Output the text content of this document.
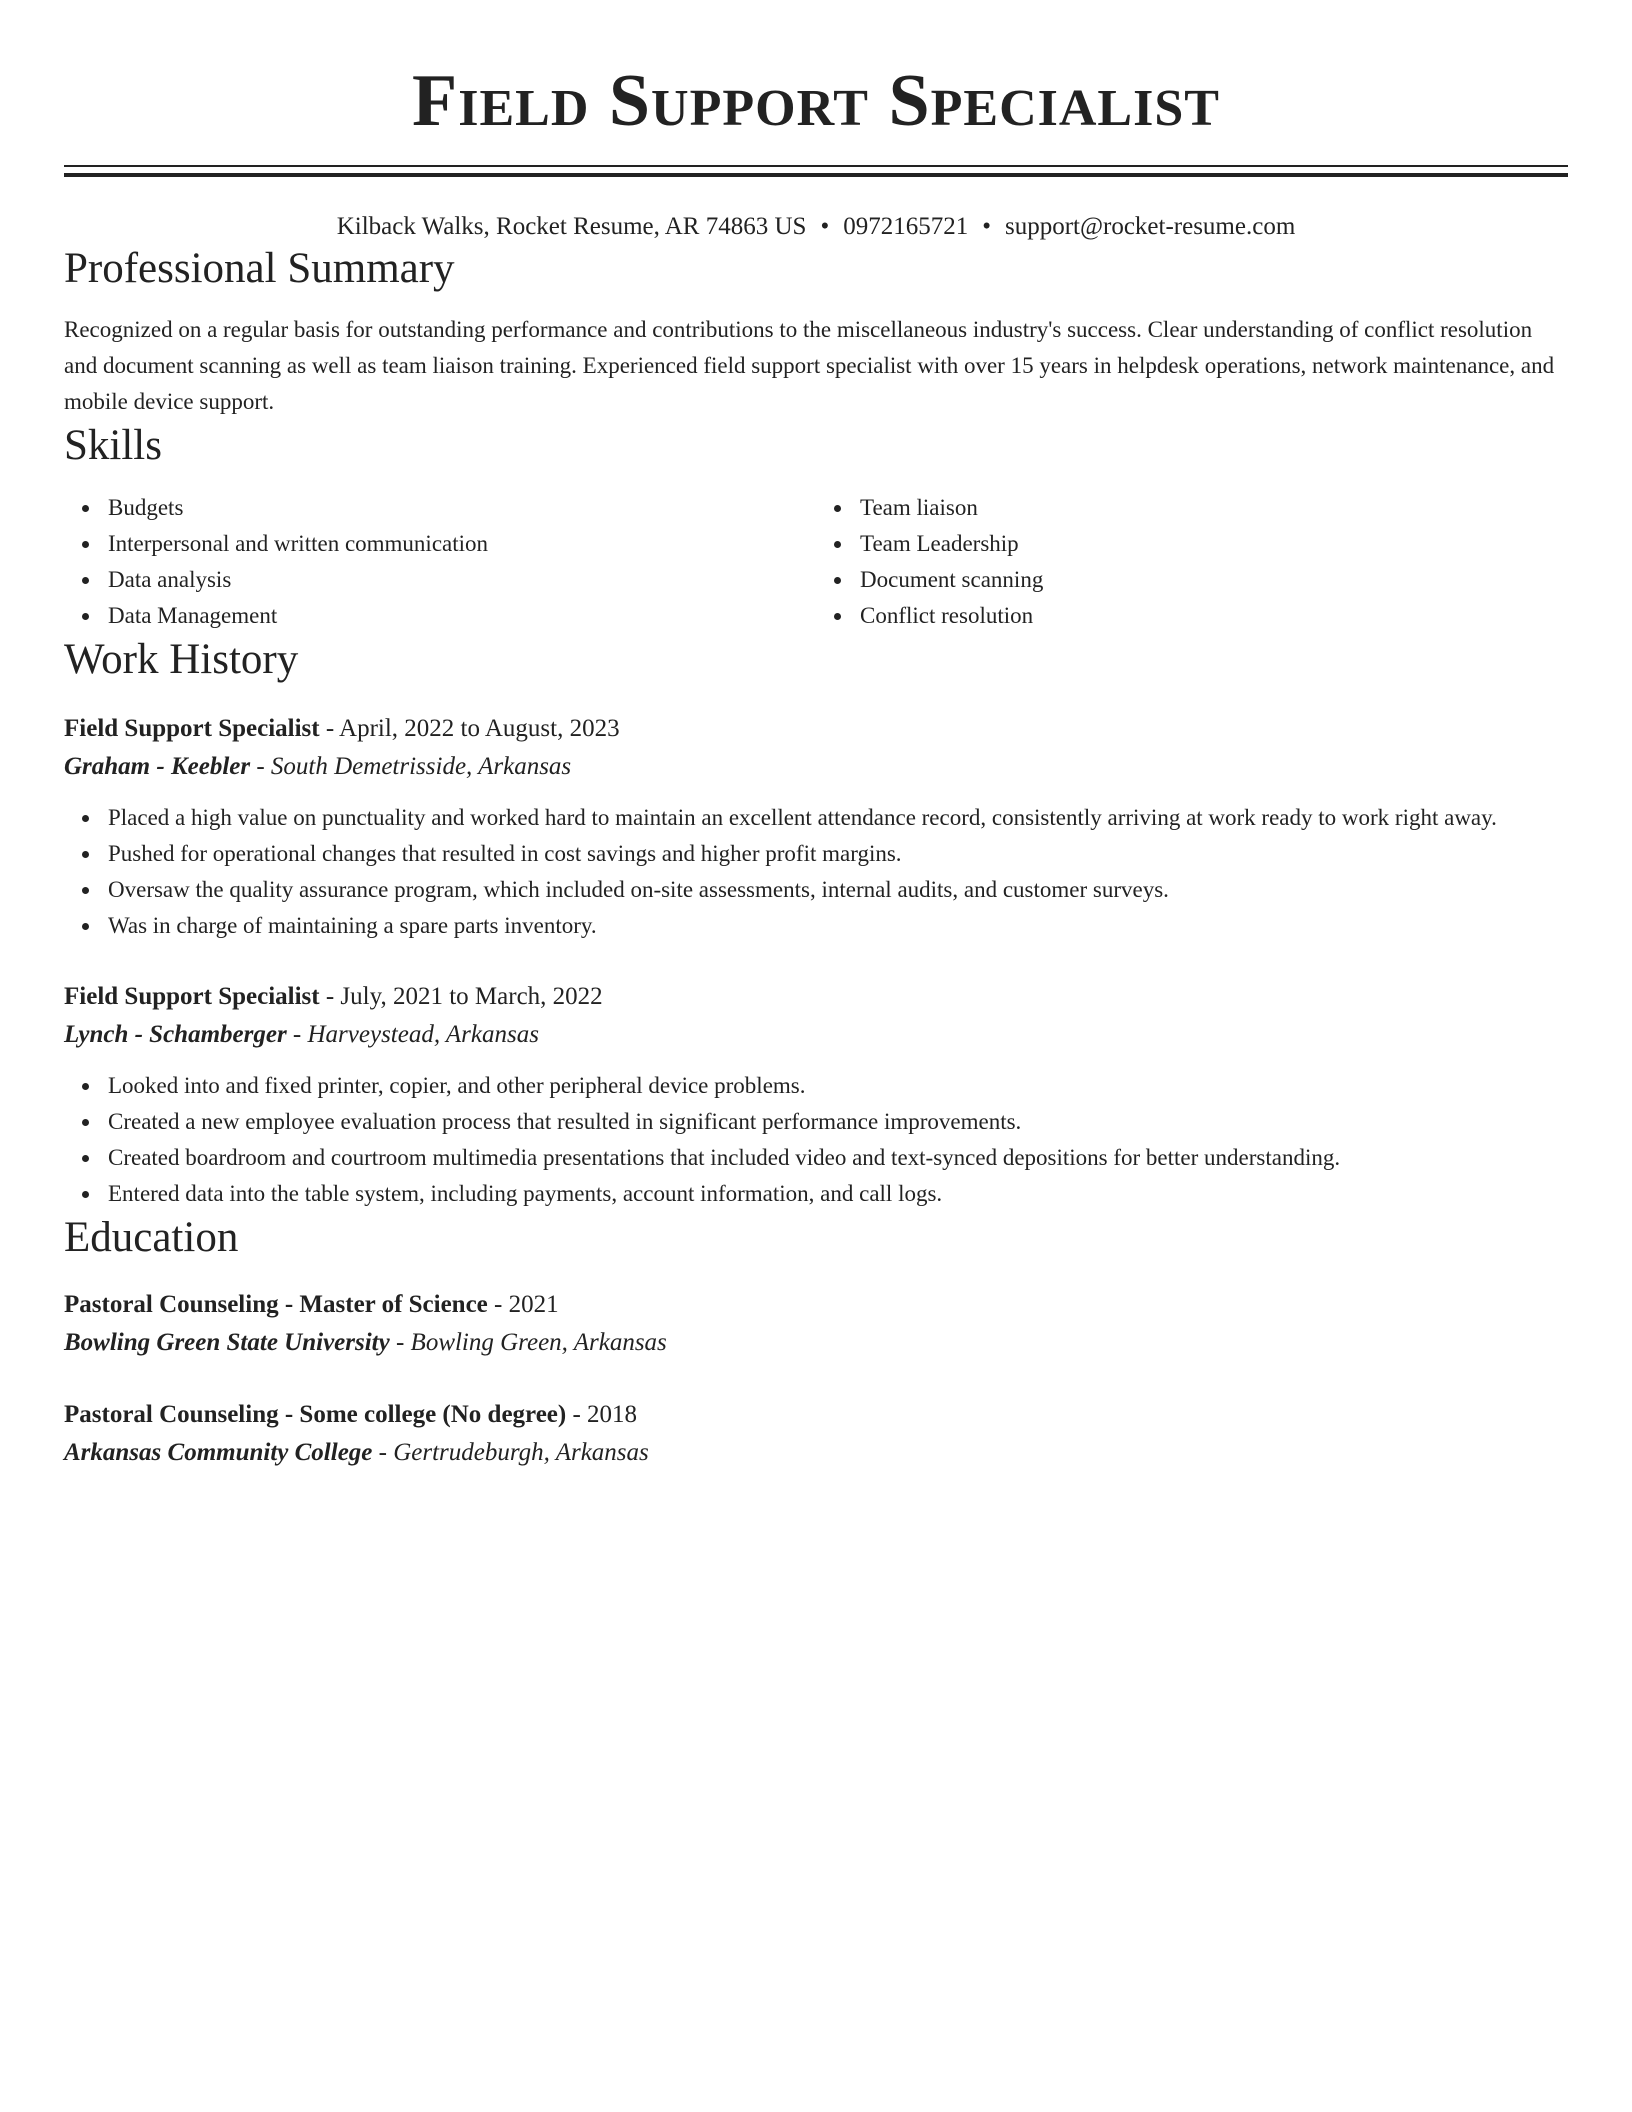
Field Support Specialist
Kilback Walks, Rocket Resume, AR 74863 US • 0972165721 • support@rocket-resume.com
Professional Summary

Recognized on a regular basis for outstanding performance and contributions to the miscellaneous industry's success. Clear understanding of conflict resolution and document scanning as well as team liaison training. Experienced field support specialist with over 15 years in helpdesk operations, network maintenance, and mobile device support.

Skills
Budgets
Interpersonal and written communication
Data analysis
Data Management
Team liaison
Team Leadership
Document scanning
Conflict resolution
Work History
Field Support Specialist - April, 2022 to August, 2023
Graham - Keebler - South Demetrisside, Arkansas
Placed a high value on punctuality and worked hard to maintain an excellent attendance record, consistently arriving at work ready to work right away.
Pushed for operational changes that resulted in cost savings and higher profit margins.
Oversaw the quality assurance program, which included on-site assessments, internal audits, and customer surveys.
Was in charge of maintaining a spare parts inventory.
Field Support Specialist - July, 2021 to March, 2022
Lynch - Schamberger - Harveystead, Arkansas
Looked into and fixed printer, copier, and other peripheral device problems.
Created a new employee evaluation process that resulted in significant performance improvements.
Created boardroom and courtroom multimedia presentations that included video and text-synced depositions for better understanding.
Entered data into the table system, including payments, account information, and call logs.
Education
Pastoral Counseling - Master of Science - 2021
Bowling Green State University - Bowling Green, Arkansas
Pastoral Counseling - Some college (No degree) - 2018
Arkansas Community College - Gertrudeburgh, Arkansas
